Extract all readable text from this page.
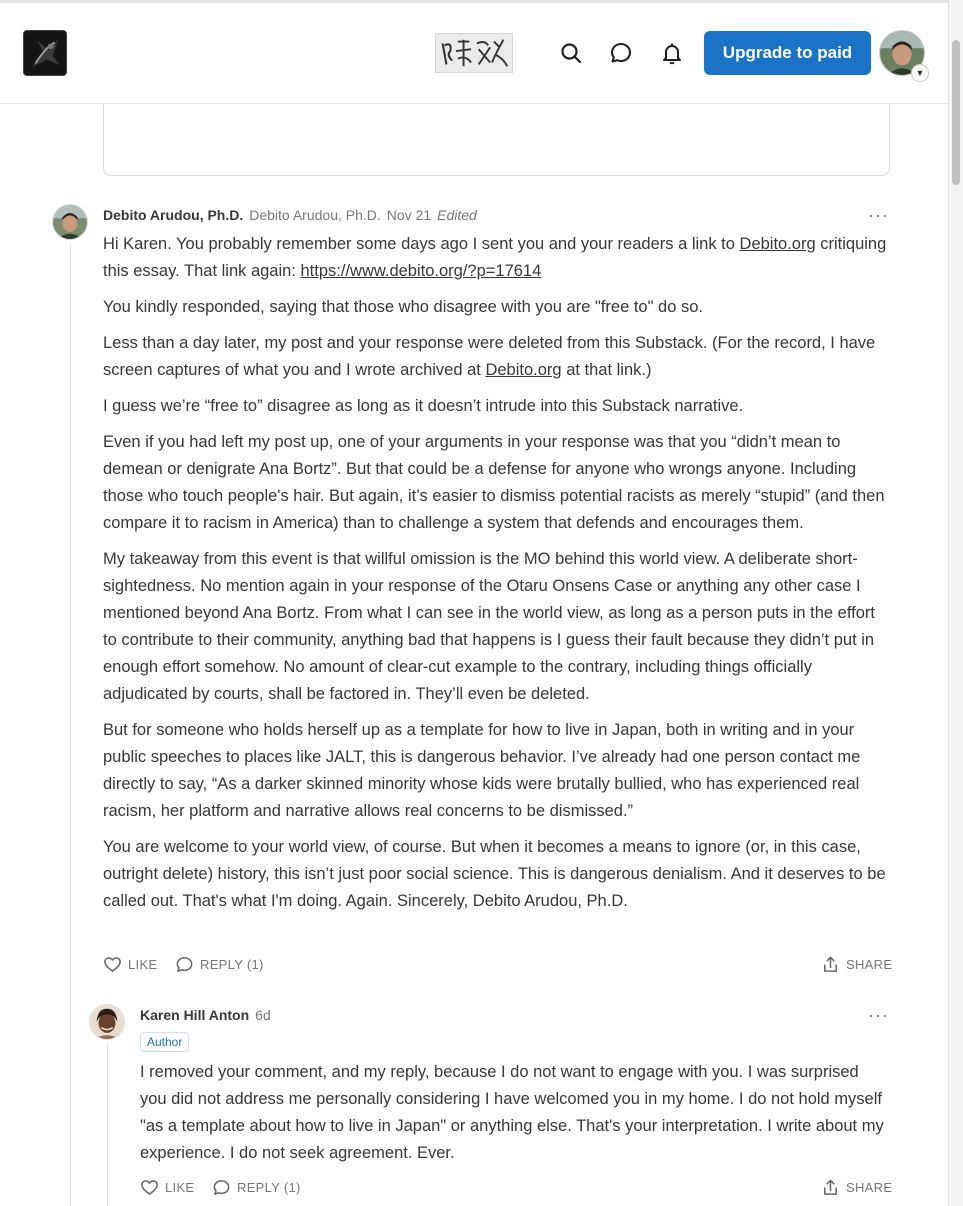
Upgrade to paid
▼
Debito Arudou, Ph.D. Debito Arudou, Ph.D. Nov 21 Edited	···

Hi Karen. You probably remember some days ago I sent you and your readers a link to Debito.org critiquing this essay. That link again: https://www.debito.org/?p=17614

You kindly responded, saying that those who disagree with you are "free to" do so.

Less than a day later, my post and your response were deleted from this Substack. (For the record, I have screen captures of what you and I wrote archived at Debito.org at that link.)

I guess we’re “free to” disagree as long as it doesn’t intrude into this Substack narrative.

Even if you had left my post up, one of your arguments in your response was that you “didn’t mean to demean or denigrate Ana Bortz”. But that could be a defense for anyone who wrongs anyone. Including those who touch people's hair. But again, it’s easier to dismiss potential racists as merely “stupid” (and then compare it to racism in America) than to challenge a system that defends and encourages them.

My takeaway from this event is that willful omission is the MO behind this world view. A deliberate short-sightedness. No mention again in your response of the Otaru Onsens Case or anything any other case I mentioned beyond Ana Bortz. From what I can see in the world view, as long as a person puts in the effort to contribute to their community, anything bad that happens is I guess their fault because they didn’t put in enough effort somehow. No amount of clear-cut example to the contrary, including things officially adjudicated by courts, shall be factored in. They’ll even be deleted.

But for someone who holds herself up as a template for how to live in Japan, both in writing and in your public speeches to places like JALT, this is dangerous behavior. I’ve already had one person contact me directly to say, “As a darker skinned minority whose kids were brutally bullied, who has experienced real racism, her platform and narrative allows real concerns to be dismissed.”

You are welcome to your world view, of course. But when it becomes a means to ignore (or, in this case, outright delete) history, this isn’t just poor social science. This is dangerous denialism. And it deserves to be called out. That's what I'm doing. Again. Sincerely, Debito Arudou, Ph.D.

LIKE	REPLY (1)	SHARE
Karen Hill Anton 6d	···
Author

I removed your comment, and my reply, because I do not want to engage with you. I was surprised you did not address me personally considering I have welcomed you in my home. I do not hold myself "as a template about how to live in Japan" or anything else. That's your interpretation. I write about my experience. I do not seek agreement. Ever.

LIKE	REPLY (1)	SHARE
